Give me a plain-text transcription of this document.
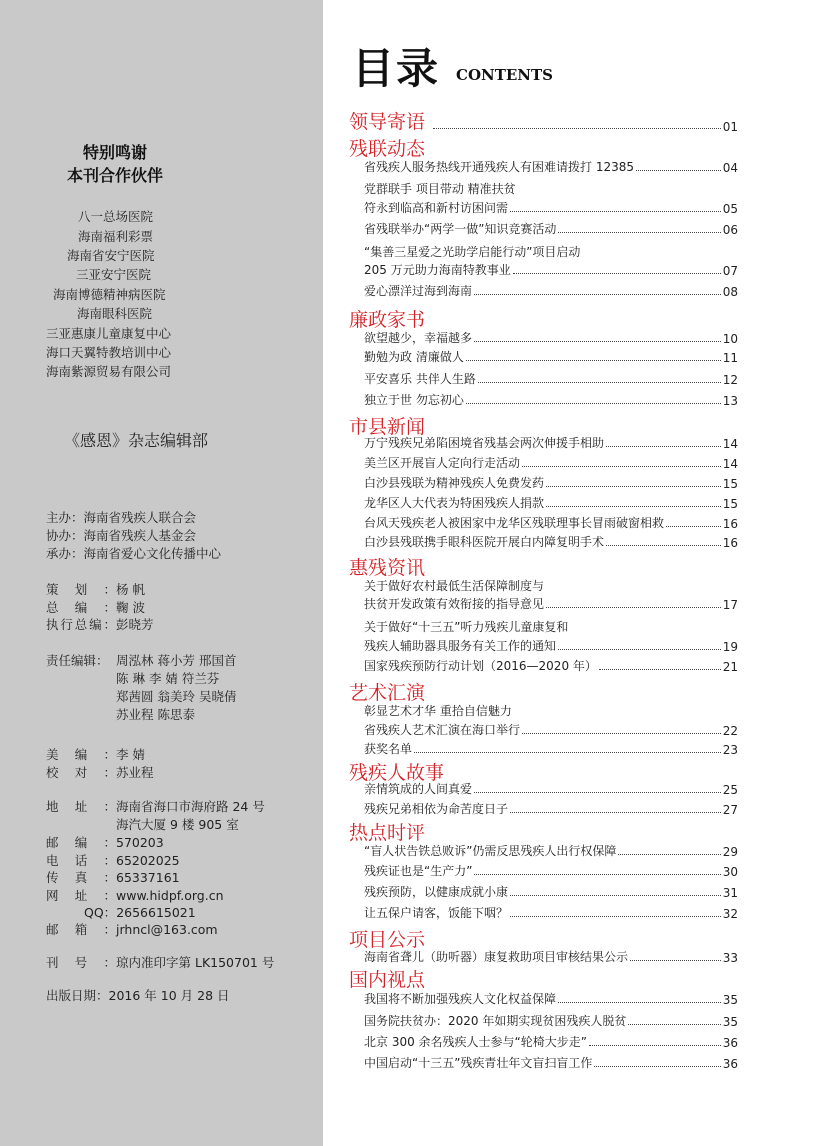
特别鸣谢
本刊合作伙伴
八一总场医院
海南福利彩票
海南省安宁医院
三亚安宁医院
海南博德精神病医院
海南眼科医院
三亚惠康儿童康复中心
海口天翼特教培训中心
海南紫源贸易有限公司
《感恩》杂志编辑部
主办：海南省残疾人联合会
协办：海南省残疾人基金会
承办：海南省爱心文化传播中心
策划：杨 帆
总编：鞠 波
执行总编：彭晓芳
责任编辑： 周泓林 蒋小芳 邢国首
陈 琳 李 婧 符兰芬
郑茜圆 翁美玲 吴晓倩
苏业程 陈思泰
美编：李 婧
校对：苏业程
地址：海南省海口市海府路 24 号
海汽大厦 9 楼 905 室
邮编：570203
电话：65202025
传真：65337161
网址：www.hidpf.org.cn
QQ：2656615021
邮箱：jrhncl@163.com
刊号：琼内准印字第 LK150701 号
出版日期：2016 年 10 月 28 日
目录 CONTENTS
领导寄语	01
残联动态
省残疾人服务热线开通残疾人有困难请拨打 12385	04
党群联手 项目带动 精准扶贫
符永到临高和新村访困问需	05
省残联举办“两学一做”知识竞赛活动	06
“集善三星爱之光助学启能行动”项目启动
205 万元助力海南特教事业	07
爱心漂洋过海到海南	08
廉政家书
欲望越少，幸福越多	10
勤勉为政 清廉做人	11
平安喜乐 共伴人生路	12
独立于世 勿忘初心	13
市县新闻
万宁残疾兄弟陷困境省残基会两次伸援手相助	14
美兰区开展盲人定向行走活动	14
白沙县残联为精神残疾人免费发药	15
龙华区人大代表为特困残疾人捐款	15
台风天残疾老人被困家中龙华区残联理事长冒雨破窗相救	16
白沙县残联携手眼科医院开展白内障复明手术	16
惠残资讯
关于做好农村最低生活保障制度与
扶贫开发政策有效衔接的指导意见	17
关于做好“十三五”听力残疾儿童康复和
残疾人辅助器具服务有关工作的通知	19
国家残疾预防行动计划（2016—2020 年）	21
艺术汇演
彰显艺术才华 重拾自信魅力
省残疾人艺术汇演在海口举行	22
获奖名单	23
残疾人故事
亲情筑成的人间真爱	25
残疾兄弟相依为命苦度日子	27
热点时评
“盲人状告铁总败诉”仍需反思残疾人出行权保障	29
残疾证也是“生产力”	30
残疾预防，以健康成就小康	31
让五保户请客，饭能下咽？	32
项目公示
海南省聋儿（助听器）康复救助项目审核结果公示	33
国内视点
我国将不断加强残疾人文化权益保障	35
国务院扶贫办：2020 年如期实现贫困残疾人脱贫	35
北京 300 余名残疾人士参与“轮椅大步走”	36
中国启动“十三五”残疾青壮年文盲扫盲工作	36
